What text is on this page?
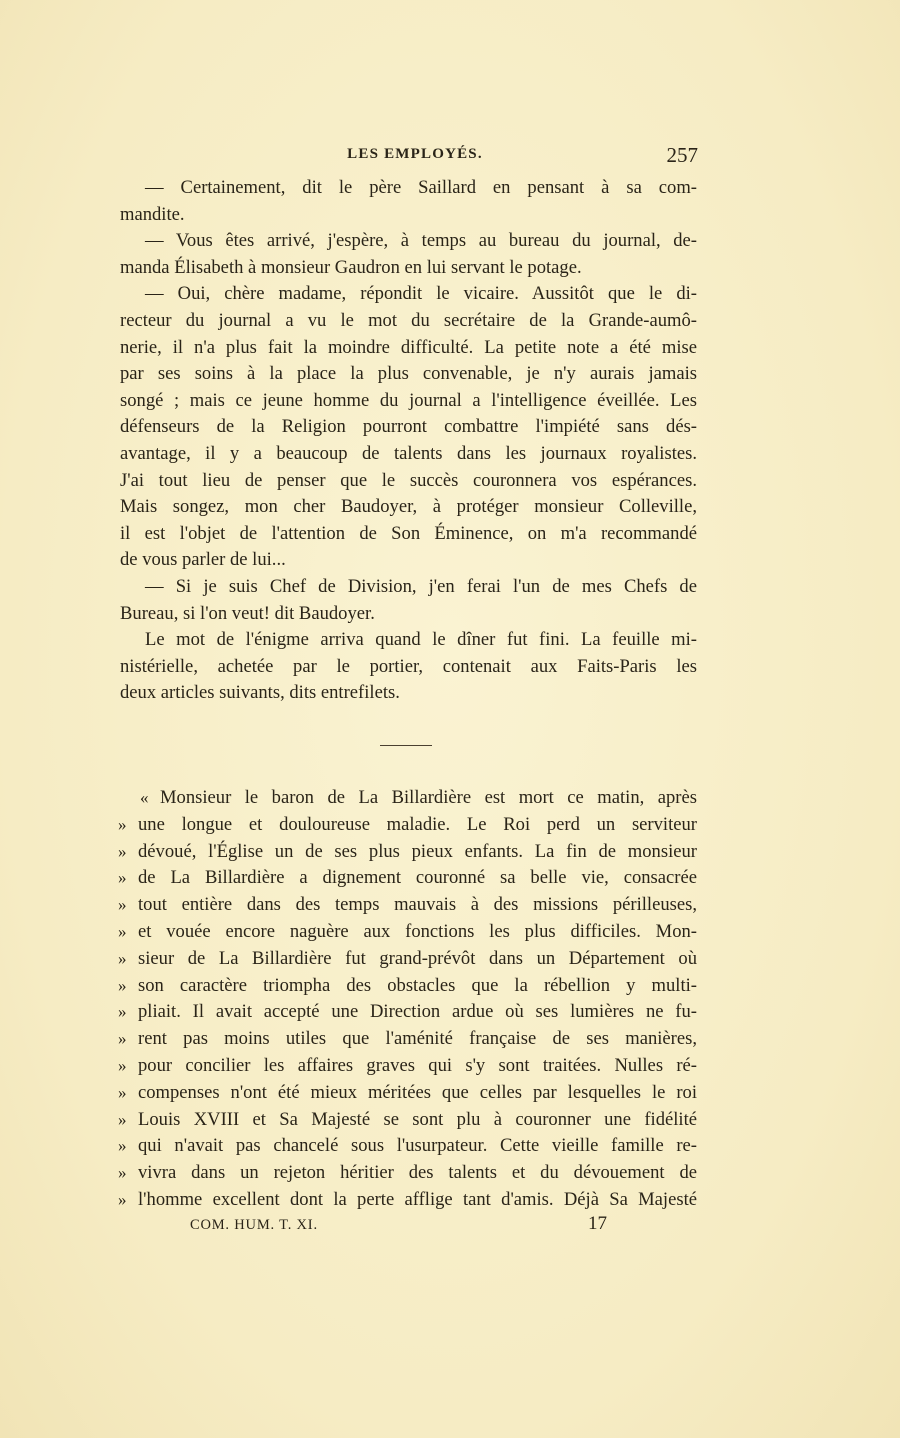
LES EMPLOYÉS.	257
— Certainement, dit le père Saillard en pensant à sa com-
mandite.
— Vous êtes arrivé, j'espère, à temps au bureau du journal, de-
manda Élisabeth à monsieur Gaudron en lui servant le potage.
— Oui, chère madame, répondit le vicaire. Aussitôt que le di-
recteur du journal a vu le mot du secrétaire de la Grande-aumô-
nerie, il n'a plus fait la moindre difficulté. La petite note a été mise
par ses soins à la place la plus convenable, je n'y aurais jamais
songé ; mais ce jeune homme du journal a l'intelligence éveillée. Les
défenseurs de la Religion pourront combattre l'impiété sans dés-
avantage, il y a beaucoup de talents dans les journaux royalistes.
J'ai tout lieu de penser que le succès couronnera vos espérances.
Mais songez, mon cher Baudoyer, à protéger monsieur Colleville,
il est l'objet de l'attention de Son Éminence, on m'a recommandé
de vous parler de lui...
— Si je suis Chef de Division, j'en ferai l'un de mes Chefs de
Bureau, si l'on veut! dit Baudoyer.
Le mot de l'énigme arriva quand le dîner fut fini. La feuille mi-
nistérielle, achetée par le portier, contenait aux Faits-Paris les
deux articles suivants, dits entrefilets.
« Monsieur le baron de La Billardière est mort ce matin, après
» une longue et douloureuse maladie. Le Roi perd un serviteur
» dévoué, l'Église un de ses plus pieux enfants. La fin de monsieur
» de La Billardière a dignement couronné sa belle vie, consacrée
» tout entière dans des temps mauvais à des missions périlleuses,
» et vouée encore naguère aux fonctions les plus difficiles. Mon-
» sieur de La Billardière fut grand-prévôt dans un Département où
» son caractère triompha des obstacles que la rébellion y multi-
» pliait. Il avait accepté une Direction ardue où ses lumières ne fu-
» rent pas moins utiles que l'aménité française de ses manières,
» pour concilier les affaires graves qui s'y sont traitées. Nulles ré-
» compenses n'ont été mieux méritées que celles par lesquelles le roi
» Louis XVIII et Sa Majesté se sont plu à couronner une fidélité
» qui n'avait pas chancelé sous l'usurpateur. Cette vieille famille re-
» vivra dans un rejeton héritier des talents et du dévouement de
» l'homme excellent dont la perte afflige tant d'amis. Déjà Sa Majesté
COM. HUM. T. XI.	17
